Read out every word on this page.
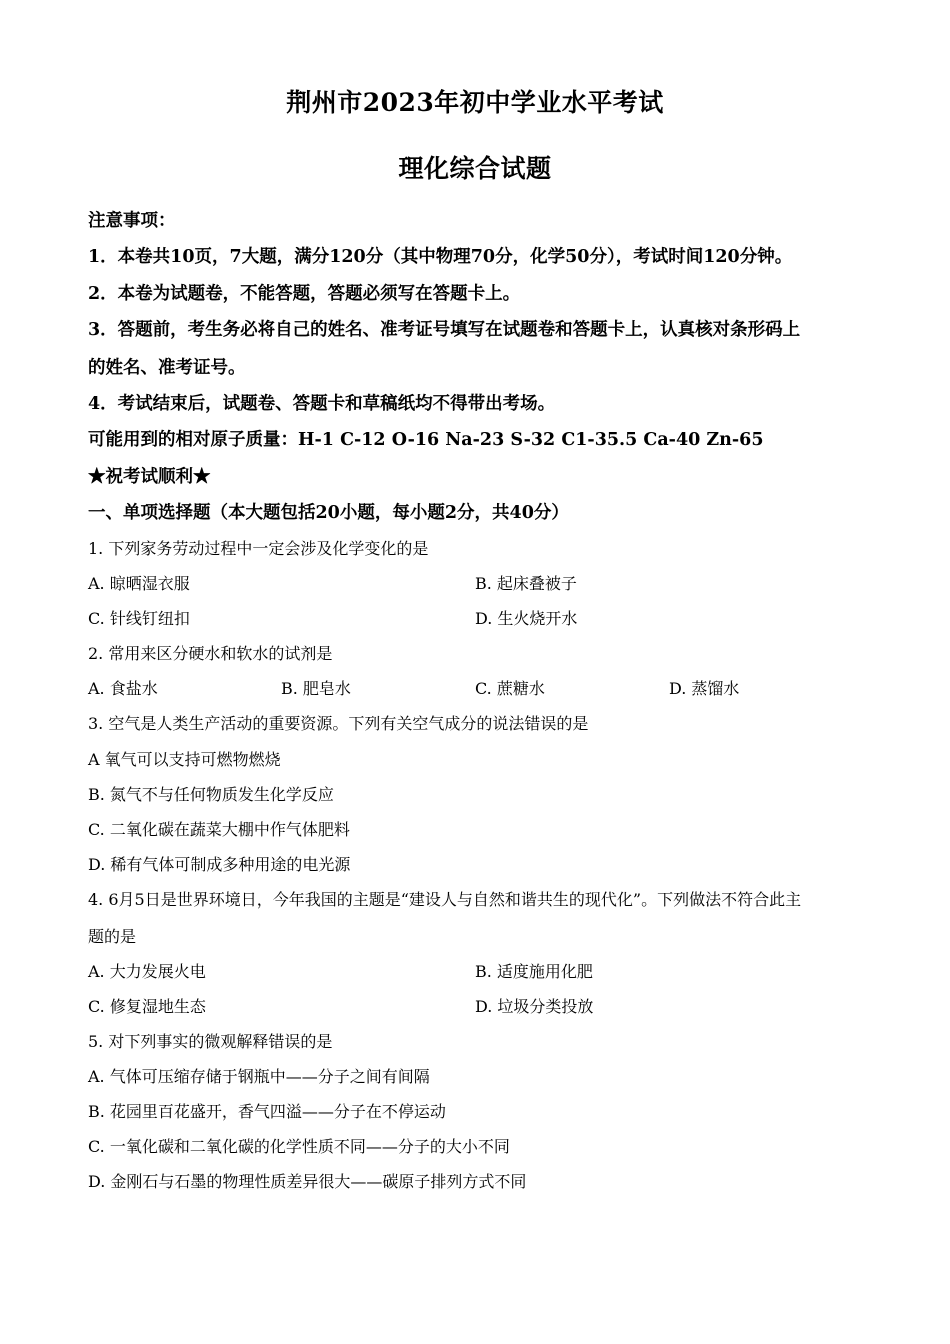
荆州市2023年初中学业水平考试
理化综合试题
注意事项：
1．本卷共10页，7大题，满分120分（其中物理70分，化学50分），考试时间120分钟。
2．本卷为试题卷，不能答题，答题必须写在答题卡上。
3．答题前，考生务必将自己的姓名、准考证号填写在试题卷和答题卡上，认真核对条形码上
的姓名、准考证号。
4．考试结束后，试题卷、答题卡和草稿纸均不得带出考场。
可能用到的相对原子质量：H-1 C-12 O-16 Na-23 S-32 C1-35.5 Ca-40 Zn-65
★祝考试顺利★
一、单项选择题（本大题包括20小题，每小题2分，共40分）
1. 下列家务劳动过程中一定会涉及化学变化的是
A. 晾晒湿衣服	B. 起床叠被子
C. 针线钉纽扣	D. 生火烧开水
2. 常用来区分硬水和软水的试剂是
A. 食盐水	B. 肥皂水	C. 蔗糖水	D. 蒸馏水
3. 空气是人类生产活动的重要资源。下列有关空气成分的说法错误的是
A 氧气可以支持可燃物燃烧
B. 氮气不与任何物质发生化学反应
C. 二氧化碳在蔬菜大棚中作气体肥料
D. 稀有气体可制成多种用途的电光源
4. 6月5日是世界环境日，今年我国的主题是“建设人与自然和谐共生的现代化”。下列做法不符合此主
题的是
A. 大力发展火电	B. 适度施用化肥
C. 修复湿地生态	D. 垃圾分类投放
5. 对下列事实的微观解释错误的是
A. 气体可压缩存储于钢瓶中——分子之间有间隔
B. 花园里百花盛开，香气四溢——分子在不停运动
C. 一氧化碳和二氧化碳的化学性质不同——分子的大小不同
D. 金刚石与石墨的物理性质差异很大——碳原子排列方式不同
